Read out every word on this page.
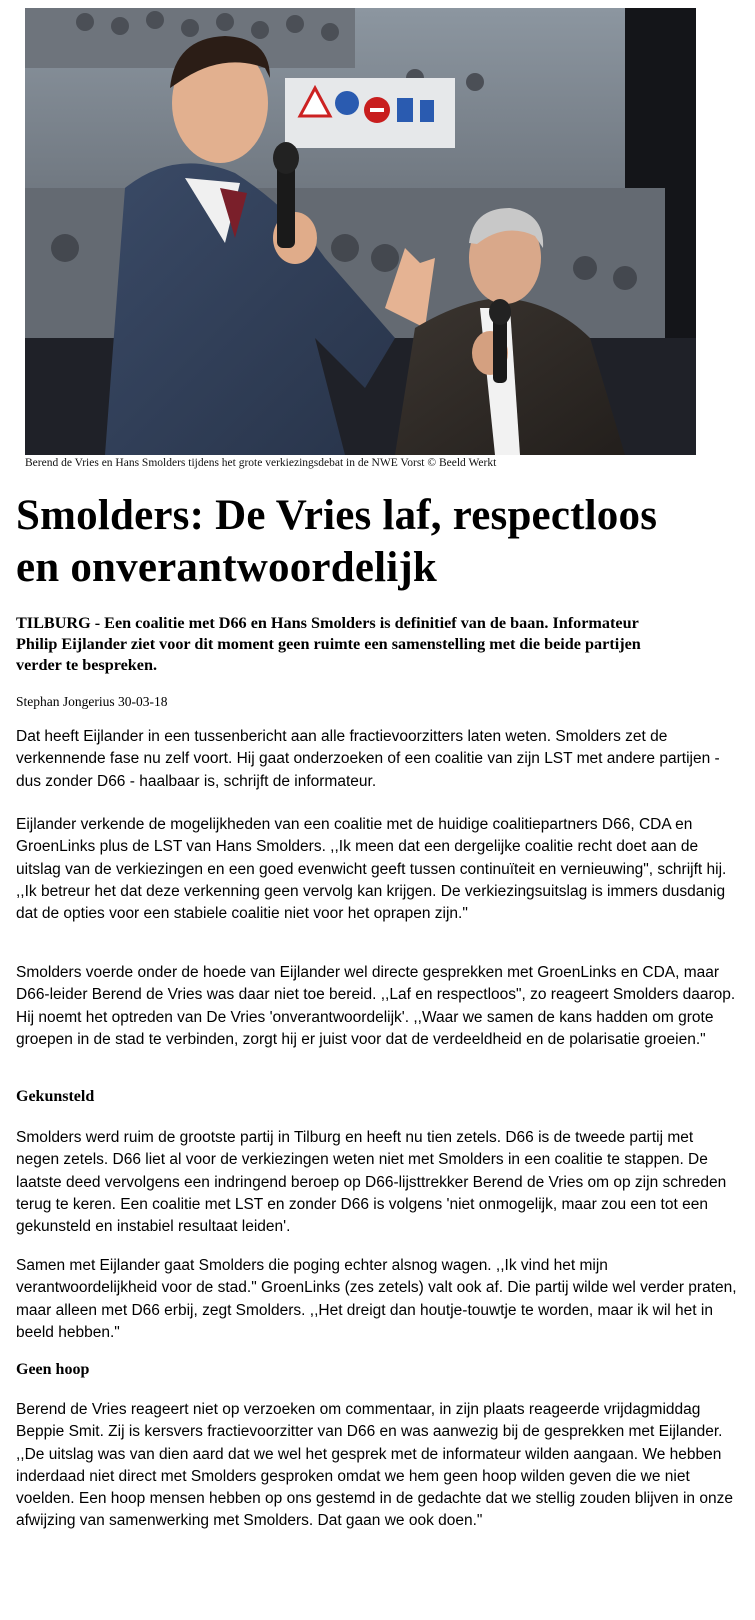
Berend de Vries en Hans Smolders tijdens het grote verkiezingsdebat in de NWE Vorst © Beeld Werkt
Smolders: De Vries laf, respectloos
en onverantwoordelijk

TILBURG - Een coalitie met D66 en Hans Smolders is definitief van de baan. Informateur
Philip Eijlander ziet voor dit moment geen ruimte een samenstelling met die beide partijen
verder te bespreken.

Stephan Jongerius 30-03-18

Dat heeft Eijlander in een tussenbericht aan alle fractievoorzitters laten weten. Smolders zet de verkennende fase nu zelf voort. Hij gaat onderzoeken of een coalitie van zijn LST met andere partijen - dus zonder D66 - haalbaar is, schrijft de informateur.

Eijlander verkende de mogelijkheden van een coalitie met de huidige coalitiepartners D66, CDA en GroenLinks plus de LST van Hans Smolders. ,,Ik meen dat een dergelijke coalitie recht doet aan de uitslag van de verkiezingen en een goed evenwicht geeft tussen continuïteit en vernieuwing", schrijft hij. ,,Ik betreur het dat deze verkenning geen vervolg kan krijgen. De verkiezingsuitslag is immers dusdanig dat de opties voor een stabiele coalitie niet voor het oprapen zijn."

Smolders voerde onder de hoede van Eijlander wel directe gesprekken met GroenLinks en CDA, maar D66-leider Berend de Vries was daar niet toe bereid. ,,Laf en respectloos", zo reageert Smolders daarop. Hij noemt het optreden van De Vries 'onverantwoordelijk'. ,,Waar we samen de kans hadden om grote groepen in de stad te verbinden, zorgt hij er juist voor dat de verdeeldheid en de polarisatie groeien."

Gekunsteld

Smolders werd ruim de grootste partij in Tilburg en heeft nu tien zetels. D66 is de tweede partij met negen zetels. D66 liet al voor de verkiezingen weten niet met Smolders in een coalitie te stappen. De laatste deed vervolgens een indringend beroep op D66-lijsttrekker Berend de Vries om op zijn schreden terug te keren. Een coalitie met LST en zonder D66 is volgens 'niet onmogelijk, maar zou een tot een gekunsteld en instabiel resultaat leiden'.

Samen met Eijlander gaat Smolders die poging echter alsnog wagen. ,,Ik vind het mijn verantwoordelijkheid voor de stad." GroenLinks (zes zetels) valt ook af. Die partij wilde wel verder praten, maar alleen met D66 erbij, zegt Smolders. ,,Het dreigt dan houtje-touwtje te worden, maar ik wil het in beeld hebben."

Geen hoop

Berend de Vries reageert niet op verzoeken om commentaar, in zijn plaats reageerde vrijdagmiddag Beppie Smit. Zij is kersvers fractievoorzitter van D66 en was aanwezig bij de gesprekken met Eijlander. ,,De uitslag was van dien aard dat we wel het gesprek met de informateur wilden aangaan. We hebben inderdaad niet direct met Smolders gesproken omdat we hem geen hoop wilden geven die we niet voelden. Een hoop mensen hebben op ons gestemd in de gedachte dat we stellig zouden blijven in onze afwijzing van samenwerking met Smolders. Dat gaan we ook doen."
